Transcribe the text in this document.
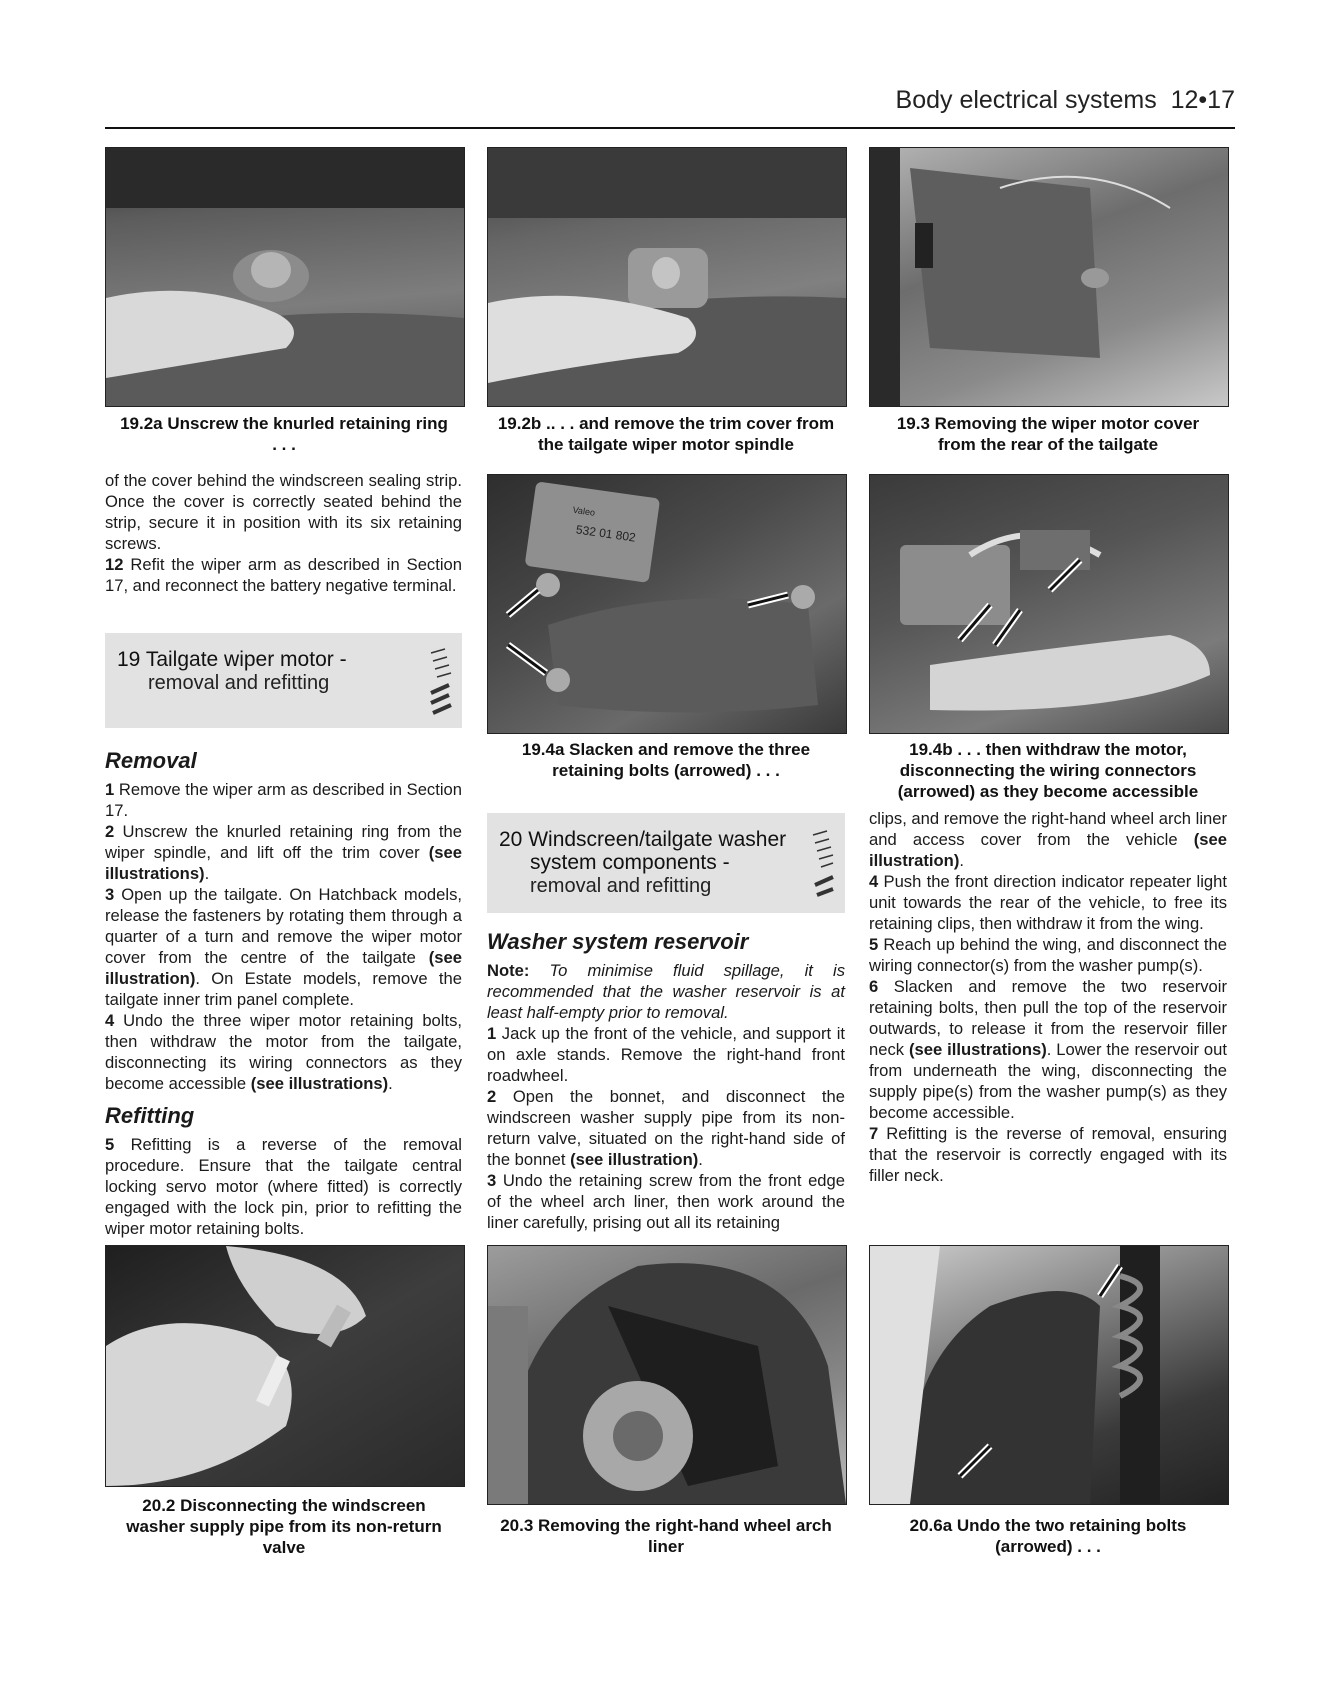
Body electrical systems 12•17
19.2a Unscrew the knurled retaining ring . . .
19.2b .. . . and remove the trim cover from the tailgate wiper motor spindle
19.3 Removing the wiper motor cover from the rear of the tailgate
532 01 802
Valeo
19.4a Slacken and remove the three retaining bolts (arrowed) . . .
19.4b . . . then withdraw the motor, disconnecting the wiring connectors (arrowed) as they become accessible

of the cover behind the windscreen sealing strip. Once the cover is correctly seated behind the strip, secure it in position with its six retaining screws.

12 Refit the wiper arm as described in Section 17, and reconnect the battery negative terminal.

19 Tailgate wiper motor -
removal and refitting
Removal

1 Remove the wiper arm as described in Section 17.

2 Unscrew the knurled retaining ring from the wiper spindle, and lift off the trim cover (see illustrations).

3 Open up the tailgate. On Hatchback models, release the fasteners by rotating them through a quarter of a turn and remove the wiper motor cover from the centre of the tailgate (see illustration). On Estate models, remove the tailgate inner trim panel complete.

4 Undo the three wiper motor retaining bolts, then withdraw the motor from the tailgate, disconnecting its wiring connectors as they become accessible (see illustrations).

Refitting

5 Refitting is a reverse of the removal procedure. Ensure that the tailgate central locking servo motor (where fitted) is correctly engaged with the lock pin, prior to refitting the wiper motor retaining bolts.

20 Windscreen/tailgate washer
system components -
removal and refitting
Washer system reservoir

Note: To minimise fluid spillage, it is recommended that the washer reservoir is at least half-empty prior to removal.

1 Jack up the front of the vehicle, and support it on axle stands. Remove the right-hand front roadwheel.

2 Open the bonnet, and disconnect the windscreen washer supply pipe from its non-return valve, situated on the right-hand side of the bonnet (see illustration).

3 Undo the retaining screw from the front edge of the wheel arch liner, then work around the liner carefully, prising out all its retaining

clips, and remove the right-hand wheel arch liner and access cover from the vehicle (see illustration).

4 Push the front direction indicator repeater light unit towards the rear of the vehicle, to free its retaining clips, then withdraw it from the wing.

5 Reach up behind the wing, and disconnect the wiring connector(s) from the washer pump(s).

6 Slacken and remove the two reservoir retaining bolts, then pull the top of the reservoir outwards, to release it from the reservoir filler neck (see illustrations). Lower the reservoir out from underneath the wing, disconnecting the supply pipe(s) from the washer pump(s) as they become accessible.

7 Refitting is the reverse of removal, ensuring that the reservoir is correctly engaged with its filler neck.

20.2 Disconnecting the windscreen washer supply pipe from its non-return valve
20.3 Removing the right-hand wheel arch liner
20.6a Undo the two retaining bolts (arrowed) . . .
